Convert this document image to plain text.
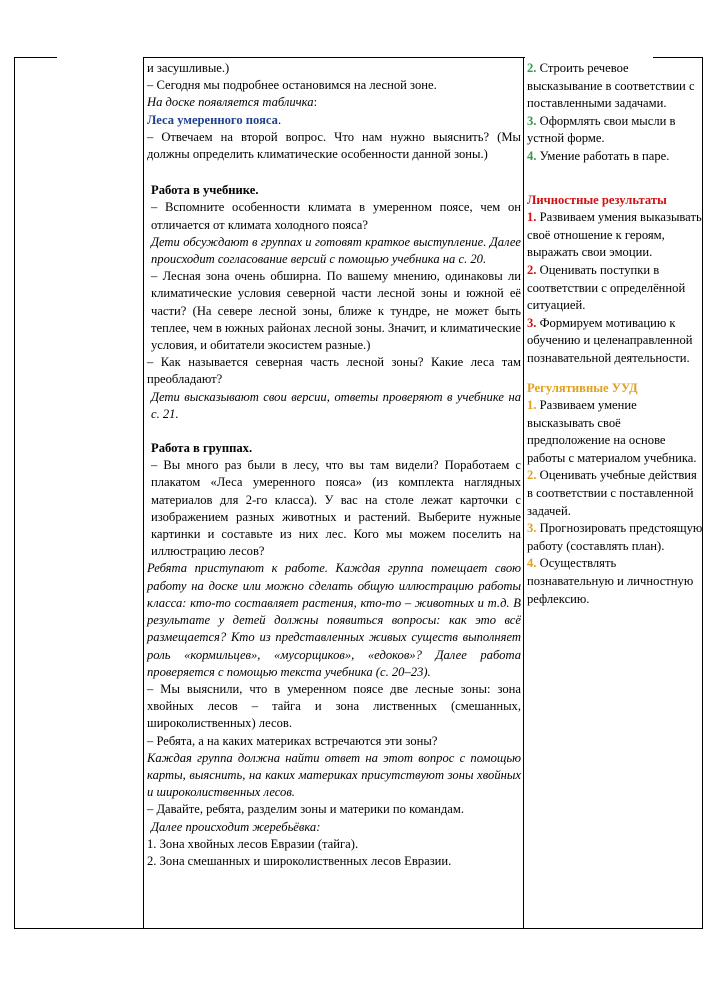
и засушливые.)

– Сегодня мы подробнее остановимся на лесной зоне.

На доске появляется табличка:

Леса умеренного пояса.

– Отвечаем на второй вопрос. Что нам нужно выяснить? (Мы должны определить климатические особенности данной зоны.)

Работа в учебнике.

– Вспомните особенности климата в умеренном поясе, чем он отличается от климата холодного пояса?

Дети обсуждают в группах и готовят краткое выступление. Далее происходит согласование версий с помощью учебника на с. 20.

– Лесная зона очень обширна. По вашему мнению, одинаковы ли климатические условия северной части лесной зоны и южной её части? (На севере лесной зоны, ближе к тундре, не может быть теплее, чем в южных районах лесной зоны. Значит, и климатические условия, и обитатели экосистем разные.)

– Как называется северная часть лесной зоны? Какие леса там преобладают?

Дети высказывают свои версии, ответы проверяют в учебнике на с. 21.

Работа в группах.

– Вы много раз были в лесу, что вы там видели? Поработаем с плакатом «Леса умеренного пояса» (из комплекта наглядных материалов для 2-го класса). У вас на столе лежат карточки с изображением разных животных и растений. Выберите нужные картинки и составьте из них лес. Кого мы можем поселить на иллюстрацию лесов?

Ребята приступают к работе. Каждая группа помещает свою работу на доске или можно сделать общую иллюстрацию работы класса: кто-то составляет растения, кто-то – животных и т.д. В результате у детей должны появиться вопросы: как это всё размещается? Кто из представленных живых существ выполняет роль «кормильцев», «мусорщиков», «едоков»? Далее работа проверяется с помощью текста учебника (с. 20–23).

– Мы выяснили, что в умеренном поясе две лесные зоны: зона хвойных лесов – тайга и зона лиственных (смешанных, широколиственных) лесов.

– Ребята, а на каких материках встречаются эти зоны?

Каждая группа должна найти ответ на этот вопрос с помощью карты, выяснить, на каких материках присутствуют зоны хвойных и широколиственных лесов.

– Давайте, ребята, разделим зоны и материки по командам.

Далее происходит жеребьёвка:

1. Зона хвойных лесов Евразии (тайга).

2. Зона смешанных и широколиственных лесов Евразии.

2. Строить речевое высказывание в соответствии с поставленными задачами.

3. Оформлять свои мысли в устной форме.

4. Умение работать в паре.

Личностные результаты

1. Развиваем умения выказывать своё отношение к героям, выражать свои эмоции.

2. Оценивать поступки в соответствии с определённой ситуацией.

3. Формируем мотивацию к обучению и целенаправленной познавательной деятельности.

Регулятивные УУД

1. Развиваем умение высказывать своё предположение на основе работы с материалом учебника.

2. Оценивать учебные действия в соответствии с поставленной задачей.

3. Прогнозировать предстоящую работу (составлять план).

4. Осуществлять познавательную и личностную рефлексию.
